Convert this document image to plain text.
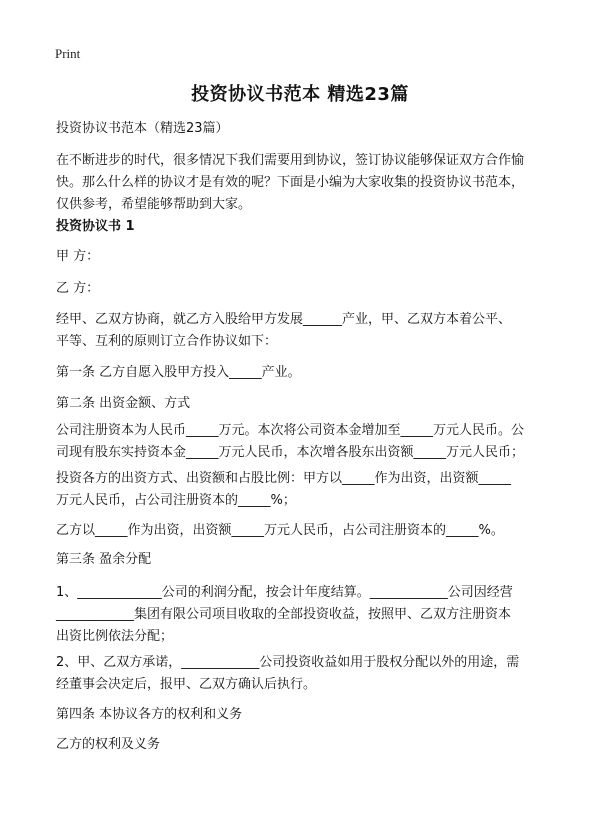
Print
投资协议书范本 精选23篇

投资协议书范本（精选23篇）

在不断进步的时代，很多情况下我们需要用到协议，签订协议能够保证双方合作愉

快。那么什么样的协议才是有效的呢？下面是小编为大家收集的投资协议书范本，

仅供参考，希望能够帮助到大家。

投资协议书 1

甲 方：

乙 方：

经甲、乙双方协商，就乙方入股给甲方发展______产业，甲、乙双方本着公平、

平等、互利的原则订立合作协议如下：

第一条 乙方自愿入股甲方投入_____产业。

第二条 出资金额、方式

公司注册资本为人民币_____万元。本次将公司资本金增加至_____万元人民币。公

司现有股东实持资本金_____万元人民币，本次增各股东出资额_____万元人民币；

投资各方的出资方式、出资额和占股比例：甲方以_____作为出资，出资额_____

万元人民币，占公司注册资本的_____%；

乙方以_____作为出资，出资额_____万元人民币，占公司注册资本的_____%。

第三条 盈余分配

1、_____________公司的利润分配，按会计年度结算。____________公司因经营

____________集团有限公司项目收取的全部投资收益，按照甲、乙双方注册资本

出资比例依法分配；

2、甲、乙双方承诺，____________公司投资收益如用于股权分配以外的用途，需

经董事会决定后，报甲、乙双方确认后执行。

第四条 本协议各方的权利和义务

乙方的权利及义务
